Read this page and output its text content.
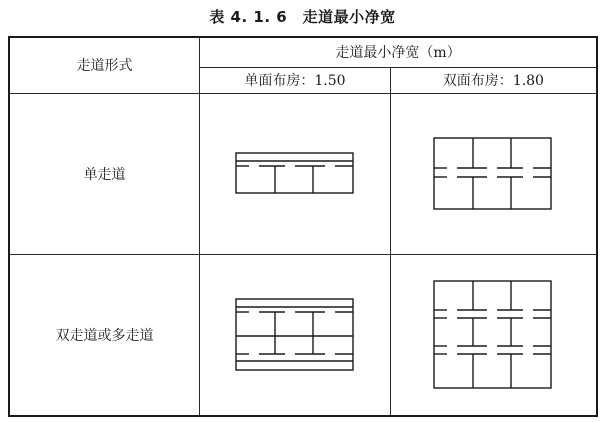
表 4. 1. 6　走道最小净宽
走道形式	走道最小净宽（m）	
	单面布房：1.50	双面布房：1.80
单走道	

双走道或多走道	
